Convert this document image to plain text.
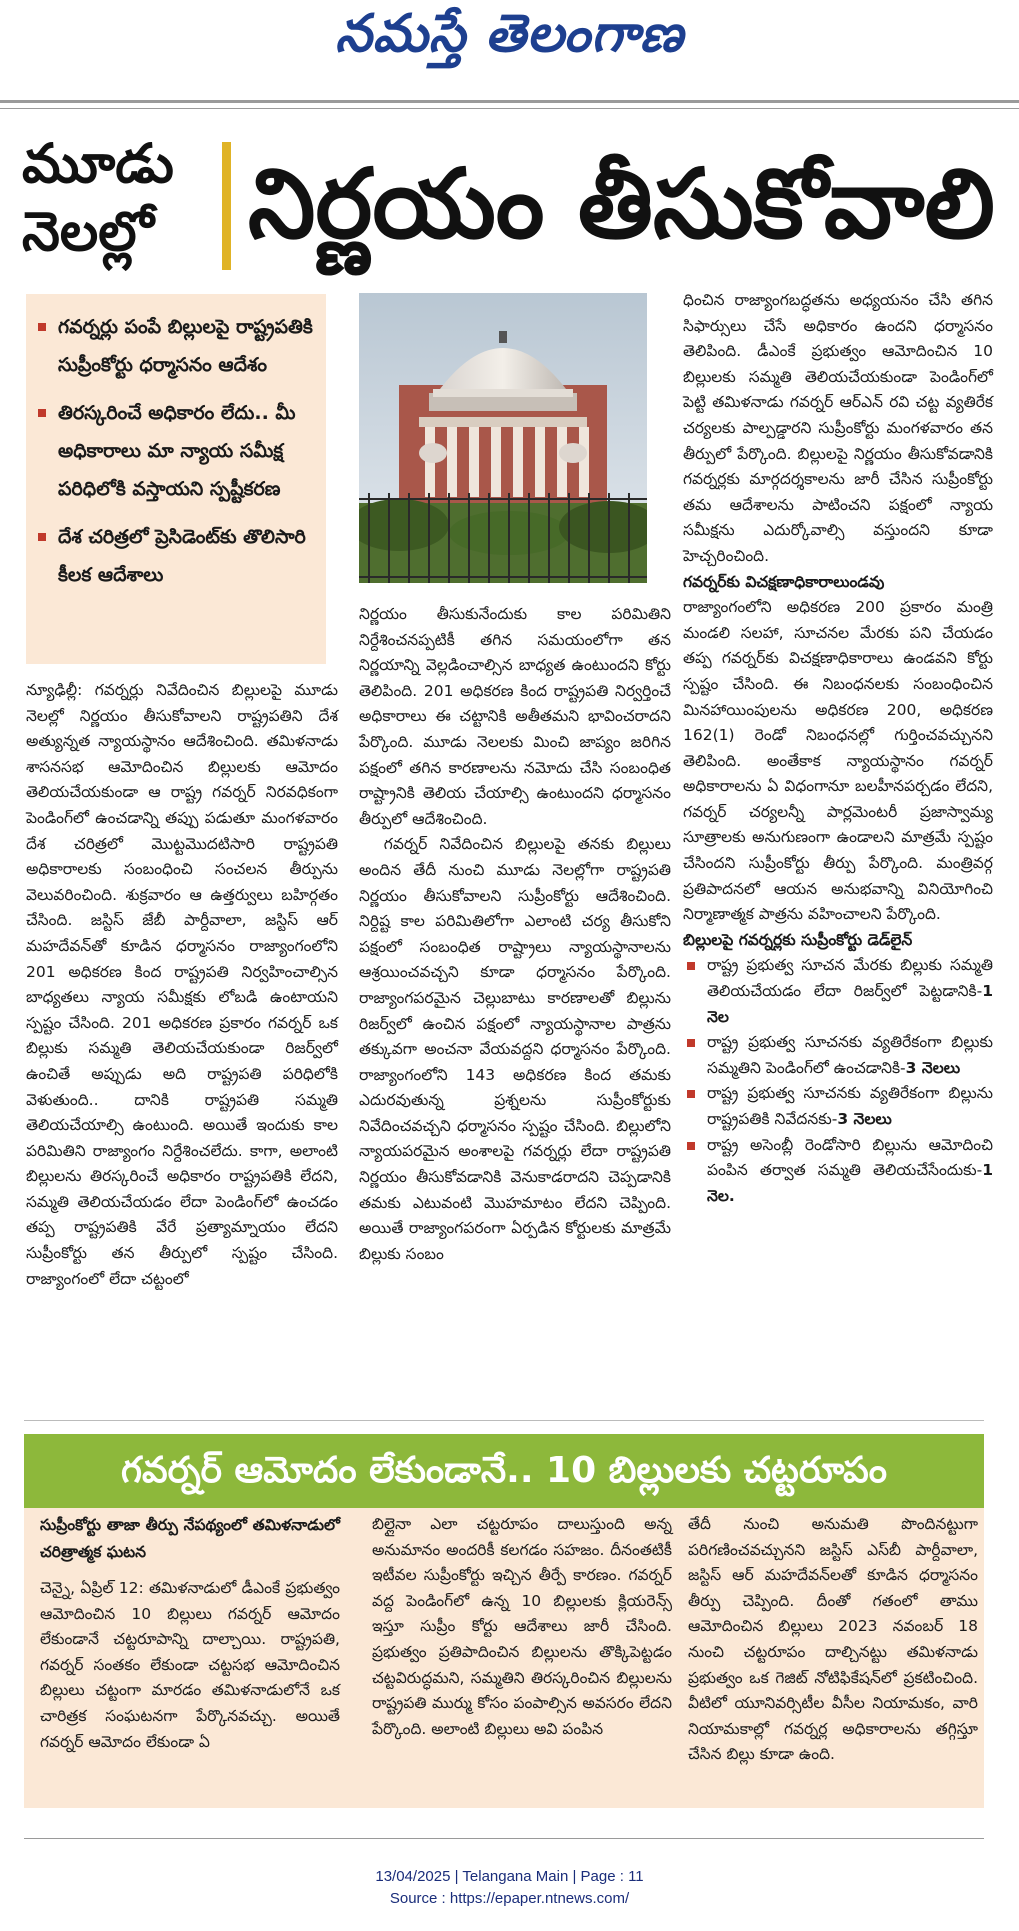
నమస్తే తెలంగాణ
మూడు
నెలల్లో నిర్ణయం తీసుకోవాలి
గవర్నర్లు పంపే బిల్లులపై రాష్ట్రపతికి సుప్రీంకోర్టు ధర్మాసనం ఆదేశం
తిరస్కరించే అధికారం లేదు.. మీ అధికారాలు మా న్యాయ సమీక్ష పరిధిలోకి వస్తాయని స్పష్టీకరణ
దేశ చరిత్రలో ప్రెసిడెంట్‌కు తొలిసారి కీలక ఆదేశాలు

న్యూఢిల్లీ: గవర్నర్లు నివేదించిన బిల్లులపై మూడు నెలల్లో నిర్ణయం తీసుకోవాలని రాష్ట్రపతిని దేశ అత్యున్నత న్యాయస్థానం ఆదేశించింది. తమిళనాడు శాసనసభ ఆమోదించిన బిల్లులకు ఆమోదం తెలియచేయకుండా ఆ రాష్ట్ర గవర్నర్ నిరవధికంగా పెండింగ్‌లో ఉంచడాన్ని తప్పు పడుతూ మంగళవారం దేశ చరిత్రలో మొట్టమొదటిసారి రాష్ట్రపతి అధికారాలకు సంబంధించి సంచలన తీర్పును వెలువరించింది. శుక్రవారం ఆ ఉత్తర్వులు బహిర్గతం చేసింది. జస్టిస్ జేబీ పార్దీవాలా, జస్టిస్ ఆర్ మహదేవన్‌తో కూడిన ధర్మాసనం రాజ్యాంగంలోని 201 అధికరణ కింద రాష్ట్రపతి నిర్వహించాల్సిన బాధ్యతలు న్యాయ సమీక్షకు లోబడి ఉంటాయని స్పష్టం చేసింది. 201 అధికరణ ప్రకారం గవర్నర్ ఒక బిల్లుకు సమ్మతి తెలియచేయకుండా రిజర్వ్‌లో ఉంచితే అప్పుడు అది రాష్ట్రపతి పరిధిలోకి వెళుతుంది.. దానికి రాష్ట్రపతి సమ్మతి తెలియచేయాల్సి ఉంటుంది. అయితే ఇందుకు కాల పరిమితిని రాజ్యాంగం నిర్దేశించలేదు. కాగా, అలాంటి బిల్లులను తిరస్కరించే అధికారం రాష్ట్రపతికి లేదని, సమ్మతి తెలియచేయడం లేదా పెండింగ్‌లో ఉంచడం తప్ప రాష్ట్రపతికి వేరే ప్రత్యామ్నాయం లేదని సుప్రీంకోర్టు తన తీర్పులో స్పష్టం చేసింది. రాజ్యాంగంలో లేదా చట్టంలో

నిర్ణయం తీసుకునేందుకు కాల పరిమితిని నిర్దేశించనప్పటికీ తగిన సమయంలోగా తన నిర్ణయాన్ని వెల్లడించాల్సిన బాధ్యత ఉంటుందని కోర్టు తెలిపింది. 201 అధికరణ కింద రాష్ట్రపతి నిర్వర్తించే అధికారాలు ఈ చట్టానికి అతీతమని భావించరాదని పేర్కొంది. మూడు నెలలకు మించి జాప్యం జరిగిన పక్షంలో తగిన కారణాలను నమోదు చేసి సంబంధిత రాష్ట్రానికి తెలియ చేయాల్సి ఉంటుందని ధర్మాసనం తీర్పులో ఆదేశించింది.

గవర్నర్ నివేదించిన బిల్లులపై తనకు బిల్లులు అందిన తేదీ నుంచి మూడు నెలల్లోగా రాష్ట్రపతి నిర్ణయం తీసుకోవాలని సుప్రీంకోర్టు ఆదేశించింది. నిర్దిష్ట కాల పరిమితిలోగా ఎలాంటి చర్య తీసుకోని పక్షంలో సంబంధిత రాష్ట్రాలు న్యాయస్థానాలను ఆశ్రయించవచ్చని కూడా ధర్మాసనం పేర్కొంది. రాజ్యాంగపరమైన చెల్లుబాటు కారణాలతో బిల్లును రిజర్వ్‌లో ఉంచిన పక్షంలో న్యాయస్థానాల పాత్రను తక్కువగా అంచనా వేయవద్దని ధర్మాసనం పేర్కొంది. రాజ్యాంగంలోని 143 అధికరణ కింద తమకు ఎదురవుతున్న ప్రశ్నలను సుప్రీంకోర్టుకు నివేదించవచ్చని ధర్మాసనం స్పష్టం చేసింది. బిల్లులోని న్యాయపరమైన అంశాలపై గవర్నర్లు లేదా రాష్ట్రపతి నిర్ణయం తీసుకోవడానికి వెనుకాడరాదని చెప్పడానికి తమకు ఎటువంటి మొహమాటం లేదని చెప్పింది. అయితే రాజ్యాంగపరంగా ఏర్పడిన కోర్టులకు మాత్రమే బిల్లుకు సంబం

ధించిన రాజ్యాంగబద్ధతను అధ్యయనం చేసి తగిన సిఫార్సులు చేసే అధికారం ఉందని ధర్మాసనం తెలిపింది. డీఎంకే ప్రభుత్వం ఆమోదించిన 10 బిల్లులకు సమ్మతి తెలియచేయకుండా పెండింగ్‌లో పెట్టి తమిళనాడు గవర్నర్ ఆర్ఎన్ రవి చట్ట వ్యతిరేక చర్యలకు పాల్పడ్డారని సుప్రీంకోర్టు మంగళవారం తన తీర్పులో పేర్కొంది. బిల్లులపై నిర్ణయం తీసుకోవడానికి గవర్నర్లకు మార్గదర్శకాలను జారీ చేసిన సుప్రీంకోర్టు తమ ఆదేశాలను పాటించని పక్షంలో న్యాయ సమీక్షను ఎదుర్కోవాల్సి వస్తుందని కూడా హెచ్చరించింది.

గవర్నర్‌కు విచక్షణాధికారాలుండవు

రాజ్యాంగంలోని అధికరణ 200 ప్రకారం మంత్రి మండలి సలహా, సూచనల మేరకు పని చేయడం తప్ప గవర్నర్‌కు విచక్షణాధికారాలు ఉండవని కోర్టు స్పష్టం చేసింది. ఈ నిబంధనలకు సంబంధించిన మినహాయింపులను అధికరణ 200, అధికరణ 162(1) రెండో నిబంధనల్లో గుర్తించవచ్చునని తెలిపింది. అంతేకాక న్యాయస్థానం గవర్నర్ అధికారాలను ఏ విధంగానూ బలహీనపర్చడం లేదని, గవర్నర్ చర్యలన్నీ పార్లమెంటరీ ప్రజాస్వామ్య సూత్రాలకు అనుగుణంగా ఉండాలని మాత్రమే స్పష్టం చేసిందని సుప్రీంకోర్టు తీర్పు పేర్కొంది. మంత్రివర్గ ప్రతిపాదనలో ఆయన అనుభవాన్ని వినియోగించి నిర్మాణాత్మక పాత్రను వహించాలని పేర్కొంది.

బిల్లులపై గవర్నర్లకు సుప్రీంకోర్టు డెడ్‌లైన్
రాష్ట్ర ప్రభుత్వ సూచన మేరకు బిల్లుకు సమ్మతి తెలియచేయడం లేదా రిజర్వ్‌లో పెట్టడానికి-1 నెల
రాష్ట్ర ప్రభుత్వ సూచనకు వ్యతిరేకంగా బిల్లుకు సమ్మతిని పెండింగ్‌లో ఉంచడానికి-3 నెలలు
రాష్ట్ర ప్రభుత్వ సూచనకు వ్యతిరేకంగా బిల్లును రాష్ట్రపతికి నివేదనకు-3 నెలలు
రాష్ట్ర అసెంబ్లీ రెండోసారి బిల్లును ఆమోదించి పంపిన తర్వాత సమ్మతి తెలియచేసేందుకు-1 నెల.
గవర్నర్ ఆమోదం లేకుండానే.. 10 బిల్లులకు చట్టరూపం
సుప్రీంకోర్టు తాజా తీర్పు నేపథ్యంలో తమిళనాడులో చరిత్రాత్మక ఘటన

చెన్నై, ఏప్రిల్ 12: తమిళనాడులో డీఎంకే ప్రభుత్వం ఆమోదించిన 10 బిల్లులు గవర్నర్ ఆమోదం లేకుండానే చట్టరూపాన్ని దాల్చాయి. రాష్ట్రపతి, గవర్నర్ సంతకం లేకుండా చట్టసభ ఆమోదించిన బిల్లులు చట్టంగా మారడం తమిళనాడులోనే ఒక చారిత్రక సంఘటనగా పేర్కొనవచ్చు. అయితే గవర్నర్ ఆమోదం లేకుండా ఏ

బిల్లైనా ఎలా చట్టరూపం దాలుస్తుంది అన్న అనుమానం అందరికీ కలగడం సహజం. దీనంతటికీ ఇటీవల సుప్రీంకోర్టు ఇచ్చిన తీర్పే కారణం. గవర్నర్ వద్ద పెండింగ్‌లో ఉన్న 10 బిల్లులకు క్లియరెన్స్ ఇస్తూ సుప్రీం కోర్టు ఆదేశాలు జారీ చేసింది. ప్రభుత్వం ప్రతిపాదించిన బిల్లులను తొక్కిపెట్టడం చట్టవిరుద్ధమని, సమ్మతిని తిరస్కరించిన బిల్లులను రాష్ట్రపతి ముర్ము కోసం పంపాల్సిన అవసరం లేదని పేర్కొంది. అలాంటి బిల్లులు అవి పంపిన

తేదీ నుంచి అనుమతి పొందినట్టుగా పరిగణించవచ్చునని జస్టిస్ ఎస్‌బీ పార్దీవాలా, జస్టిస్ ఆర్ మహదేవన్‌లతో కూడిన ధర్మాసనం తీర్పు చెప్పింది. దీంతో గతంలో తాము ఆమోదించిన బిల్లులు 2023 నవంబర్ 18 నుంచి చట్టరూపం దాల్చినట్టు తమిళనాడు ప్రభుత్వం ఒక గెజిట్ నోటిఫికేషన్‌లో ప్రకటించింది. వీటిలో యూనివర్సిటీల వీసీల నియామకం, వారి నియామకాల్లో గవర్నర్ల అధికారాలను తగ్గిస్తూ చేసిన బిల్లు కూడా ఉంది.

13/04/2025 | Telangana Main | Page : 11
Source : https://epaper.ntnews.com/
